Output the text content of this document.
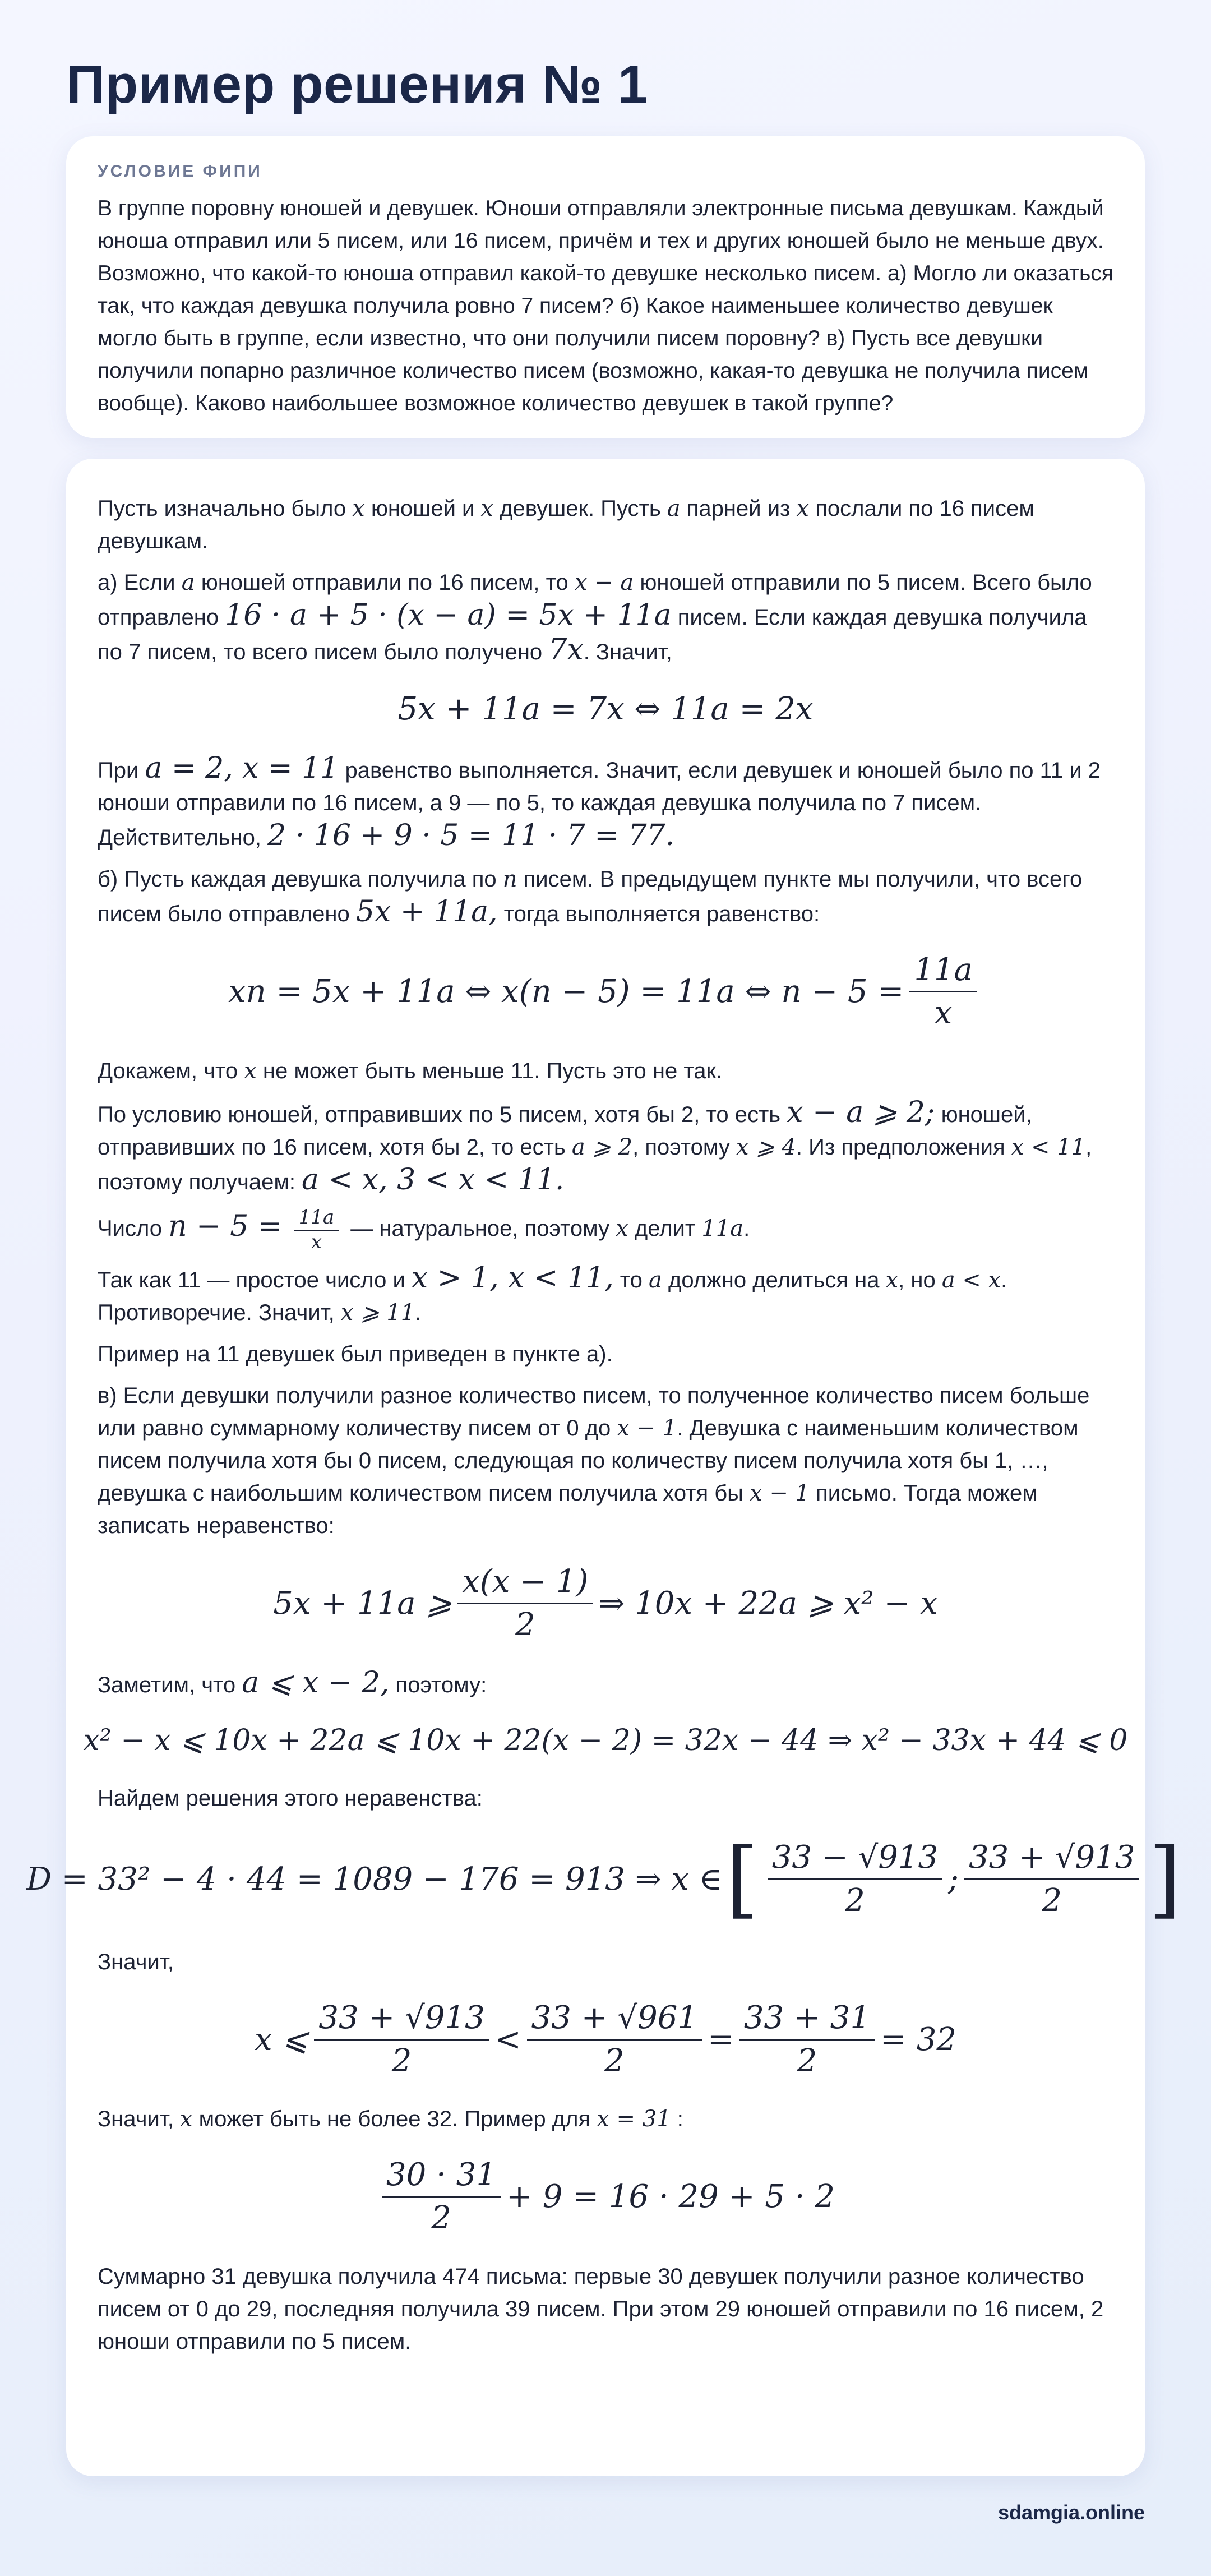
Пример решения № 1
УСЛОВИЕ ФИПИ

В группе поровну юношей и девушек. Юноши отправляли электронные письма девушкам. Каждый юноша отправил или 5 писем, или 16 писем, причём и тех и других юношей было не меньше двух. Возможно, что какой-то юноша отправил какой-то девушке несколько писем. а) Могло ли оказаться так, что каждая девушка получила ровно 7 писем? б) Какое наименьшее количество девушек могло быть в группе, если известно, что они получили писем поровну? в) Пусть все девушки получили попарно различное количество писем (возможно, какая-то девушка не получила писем вообще). Каково наибольшее возможное количество девушек в такой группе?

Пусть изначально было x юношей и x девушек. Пусть a парней из x послали по 16 писем девушкам.

а) Если a юношей отправили по 16 писем, то x − a юношей отправили по 5 писем. Всего было отправлено 16 · a + 5 · (x − a) = 5x + 11a писем. Если каждая девушка получила по 7 писем, то всего писем было получено 7x. Значит,

5x + 11a = 7x ⇔ 11a = 2x

При a = 2, x = 11 равенство выполняется. Значит, если девушек и юношей было по 11 и 2 юноши отправили по 16 писем, а 9 — по 5, то каждая девушка получила по 7 писем. Действительно, 2 · 16 + 9 · 5 = 11 · 7 = 77.

б) Пусть каждая девушка получила по n писем. В предыдущем пункте мы получили, что всего писем было отправлено 5x + 11a, тогда выполняется равенство:

xn = 5x + 11a ⇔ x(n − 5) = 11a ⇔ $n - 5 = \frac{11a}{x}$

Докажем, что x не может быть меньше 11. Пусть это не так.

По условию юношей, отправивших по 5 писем, хотя бы 2, то есть x − a ⩾ 2; юношей, отправивших по 16 писем, хотя бы 2, то есть a ⩾ 2, поэтому x ⩾ 4. Из предположения x < 11, поэтому получаем: a < x, 3 < x < 11.

Число $n - 5 = \frac{11a}{x}$ — натуральное, поэтому x делит 11a.

Так как 11 — простое число и x > 1, x < 11, то a должно делиться на x, но a < x. Противоречие. Значит, x ⩾ 11.

Пример на 11 девушек был приведен в пункте а).

в) Если девушки получили разное количество писем, то полученное количество писем больше или равно суммарному количеству писем от 0 до x − 1. Девушка с наименьшим количеством писем получила хотя бы 0 писем, следующая по количеству писем получила хотя бы 1, …, девушка с наибольшим количеством писем получила хотя бы x − 1 письмо. Тогда можем записать неравенство:

5x + 11a ⩾ $\frac{x(x - 1)}{2}$ ⇒ 10x + 22a ⩾ x² − x

Заметим, что a ⩽ x − 2, поэтому:

x² − x ⩽ 10x + 22a ⩽ 10x + 22(x − 2) = 32x − 44 ⇒ x² − 33x + 44 ⩽ 0

Найдем решения этого неравенства:

D = 33² − 4 · 44 = 1089 − 176 = 913 ⇒ x ∈ [ $\frac{33 - √913}{2}$ ; $\frac{33 + √913}{2}$ ]

Значит,

x ⩽ $\frac{33 + √913}{2} < \frac{33 + √961}{2} = \frac{33 + 31}{2} = 32$

Значит, x может быть не более 32. Пример для x = 31 :

$\frac{30 \cdot 31}{2} + 9 = 16 \cdot 29 + 5 \cdot 2$

Суммарно 31 девушка получила 474 письма: первые 30 девушек получили разное количество писем от 0 до 29, последняя получила 39 писем. При этом 29 юношей отправили по 16 писем, 2 юноши отправили по 5 писем.

sdamgia.online
